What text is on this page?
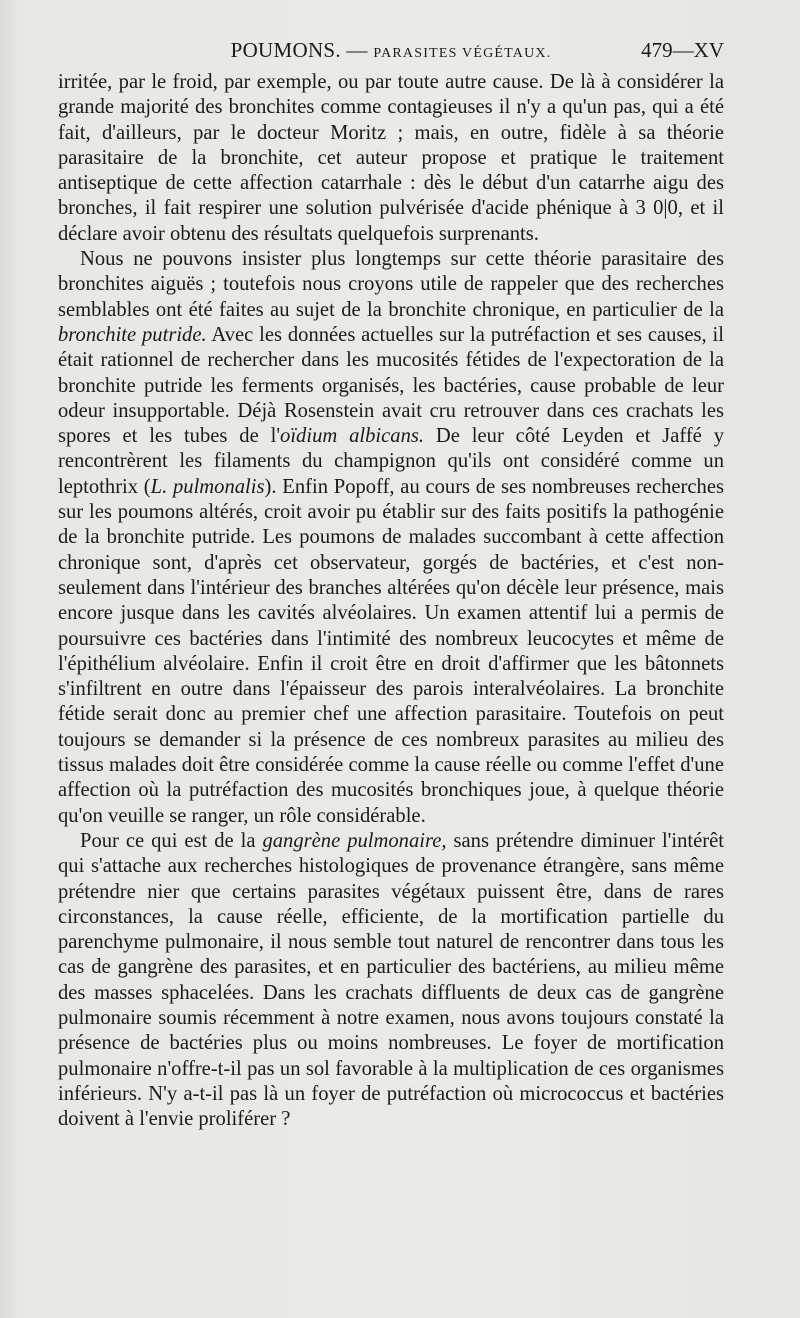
POUMONS. — PARASITES VÉGÉTAUX.	479—XV

irritée, par le froid, par exemple, ou par toute autre cause. De là à considérer la grande majorité des bronchites comme contagieuses il n'y a qu'un pas, qui a été fait, d'ailleurs, par le docteur Moritz ; mais, en outre, fidèle à sa théorie parasitaire de la bronchite, cet auteur propose et pratique le traitement antiseptique de cette affection catarrhale : dès le début d'un catarrhe aigu des bronches, il fait respirer une solution pulvérisée d'acide phénique à 3 0|0, et il déclare avoir obtenu des résultats quelquefois surprenants.

Nous ne pouvons insister plus longtemps sur cette théorie parasitaire des bronchites aiguës ; toutefois nous croyons utile de rappeler que des recherches semblables ont été faites au sujet de la bronchite chronique, en particulier de la bronchite putride. Avec les données actuelles sur la putréfaction et ses causes, il était rationnel de rechercher dans les mucosités fétides de l'expectoration de la bronchite putride les ferments organisés, les bactéries, cause probable de leur odeur insupportable. Déjà Rosenstein avait cru retrouver dans ces crachats les spores et les tubes de l'oïdium albicans. De leur côté Leyden et Jaffé y rencontrèrent les filaments du champignon qu'ils ont considéré comme un leptothrix (L. pulmonalis). Enfin Popoff, au cours de ses nombreuses recherches sur les poumons altérés, croit avoir pu établir sur des faits positifs la pathogénie de la bronchite putride. Les poumons de malades succombant à cette affection chronique sont, d'après cet observateur, gorgés de bactéries, et c'est non-seulement dans l'intérieur des branches altérées qu'on décèle leur présence, mais encore jusque dans les cavités alvéolaires. Un examen attentif lui a permis de poursuivre ces bactéries dans l'intimité des nombreux leucocytes et même de l'épithélium alvéolaire. Enfin il croit être en droit d'affirmer que les bâtonnets s'infiltrent en outre dans l'épaisseur des parois interalvéolaires. La bronchite fétide serait donc au premier chef une affection parasitaire. Toutefois on peut toujours se demander si la présence de ces nombreux parasites au milieu des tissus malades doit être considérée comme la cause réelle ou comme l'effet d'une affection où la putréfaction des mucosités bronchiques joue, à quelque théorie qu'on veuille se ranger, un rôle considérable.

Pour ce qui est de la gangrène pulmonaire, sans prétendre diminuer l'intérêt qui s'attache aux recherches histologiques de provenance étrangère, sans même prétendre nier que certains parasites végétaux puissent être, dans de rares circonstances, la cause réelle, efficiente, de la mortification partielle du parenchyme pulmonaire, il nous semble tout naturel de rencontrer dans tous les cas de gangrène des parasites, et en particulier des bactériens, au milieu même des masses sphacelées. Dans les crachats diffluents de deux cas de gangrène pulmonaire soumis récemment à notre examen, nous avons toujours constaté la présence de bactéries plus ou moins nombreuses. Le foyer de mortification pulmonaire n'offre-t-il pas un sol favorable à la multiplication de ces organismes inférieurs. N'y a-t-il pas là un foyer de putréfaction où micrococcus et bactéries doivent à l'envie proliférer ?
